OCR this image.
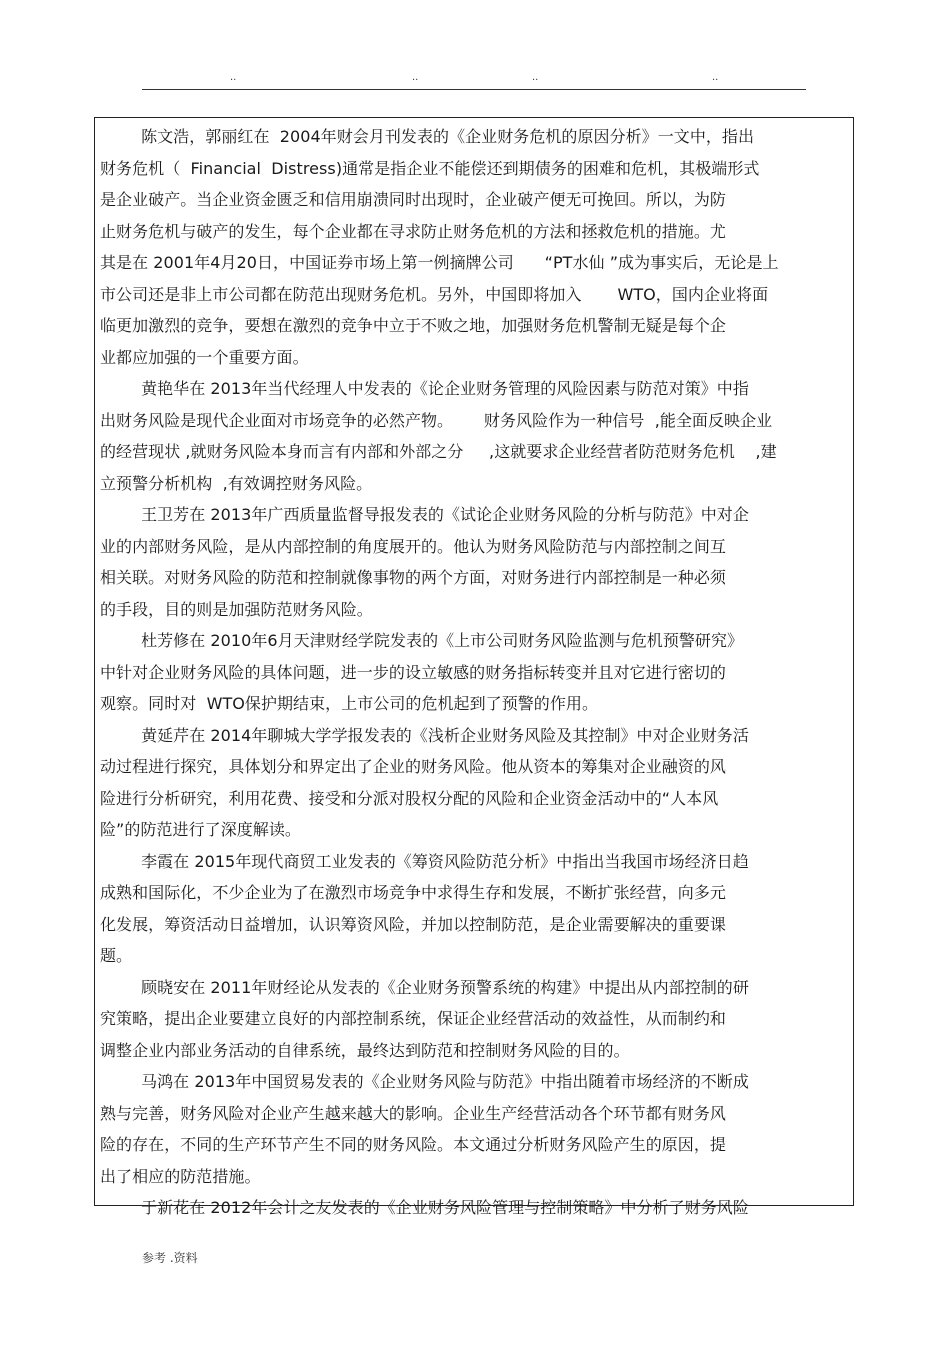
..	..	..	..
陈文浩，郭丽红在  2004年财会月刊发表的《企业财务危机的原因分析》一文中，指出
财务危机（  Financial  Distress)通常是指企业不能偿还到期债务的困难和危机，其极端形式
是企业破产。当企业资金匮乏和信用崩溃同时出现时，企业破产便无可挽回。所以，为防
止财务危机与破产的发生，每个企业都在寻求防止财务危机的方法和拯救危机的措施。尤
其是在 2001年4月20日，中国证券市场上第一例摘牌公司      “PT水仙 ”成为事实后，无论是上
市公司还是非上市公司都在防范出现财务危机。另外，中国即将加入       WTO，国内企业将面
临更加激烈的竞争，要想在激烈的竞争中立于不败之地，加强财务危机警制无疑是每个企
业都应加强的一个重要方面。
黄艳华在 2013年当代经理人中发表的《论企业财务管理的风险因素与防范对策》中指
出财务风险是现代企业面对市场竞争的必然产物。      财务风险作为一种信号  ,能全面反映企业
的经营现状 ,就财务风险本身而言有内部和外部之分     ,这就要求企业经营者防范财务危机    ,建
立预警分析机构  ,有效调控财务风险。
王卫芳在 2013年广西质量监督导报发表的《试论企业财务风险的分析与防范》中对企
业的内部财务风险，是从内部控制的角度展开的。他认为财务风险防范与内部控制之间互
相关联。对财务风险的防范和控制就像事物的两个方面，对财务进行内部控制是一种必须
的手段，目的则是加强防范财务风险。
杜芳修在 2010年6月天津财经学院发表的《上市公司财务风险监测与危机预警研究》
中针对企业财务风险的具体问题，进一步的设立敏感的财务指标转变并且对它进行密切的
观察。同时对  WTO保护期结束，上市公司的危机起到了预警的作用。
黄延芹在 2014年聊城大学学报发表的《浅析企业财务风险及其控制》中对企业财务活
动过程进行探究，具体划分和界定出了企业的财务风险。他从资本的筹集对企业融资的风
险进行分析研究，利用花费、接受和分派对股权分配的风险和企业资金活动中的“人本风
险”的防范进行了深度解读。
李霞在 2015年现代商贸工业发表的《筹资风险防范分析》中指出当我国市场经济日趋
成熟和国际化，不少企业为了在激烈市场竞争中求得生存和发展，不断扩张经营，向多元
化发展，筹资活动日益增加，认识筹资风险，并加以控制防范，是企业需要解决的重要课
题。
顾晓安在 2011年财经论从发表的《企业财务预警系统的构建》中提出从内部控制的研
究策略，提出企业要建立良好的内部控制系统，保证企业经营活动的效益性，从而制约和
调整企业内部业务活动的自律系统，最终达到防范和控制财务风险的目的。
马鸿在 2013年中国贸易发表的《企业财务风险与防范》中指出随着市场经济的不断成
熟与完善，财务风险对企业产生越来越大的影响。企业生产经营活动各个环节都有财务风
险的存在，不同的生产环节产生不同的财务风险。本文通过分析财务风险产生的原因，提
出了相应的防范措施。
于新花在 2012年会计之友发表的《企业财务风险管理与控制策略》中分析了财务风险
参考 .资料
